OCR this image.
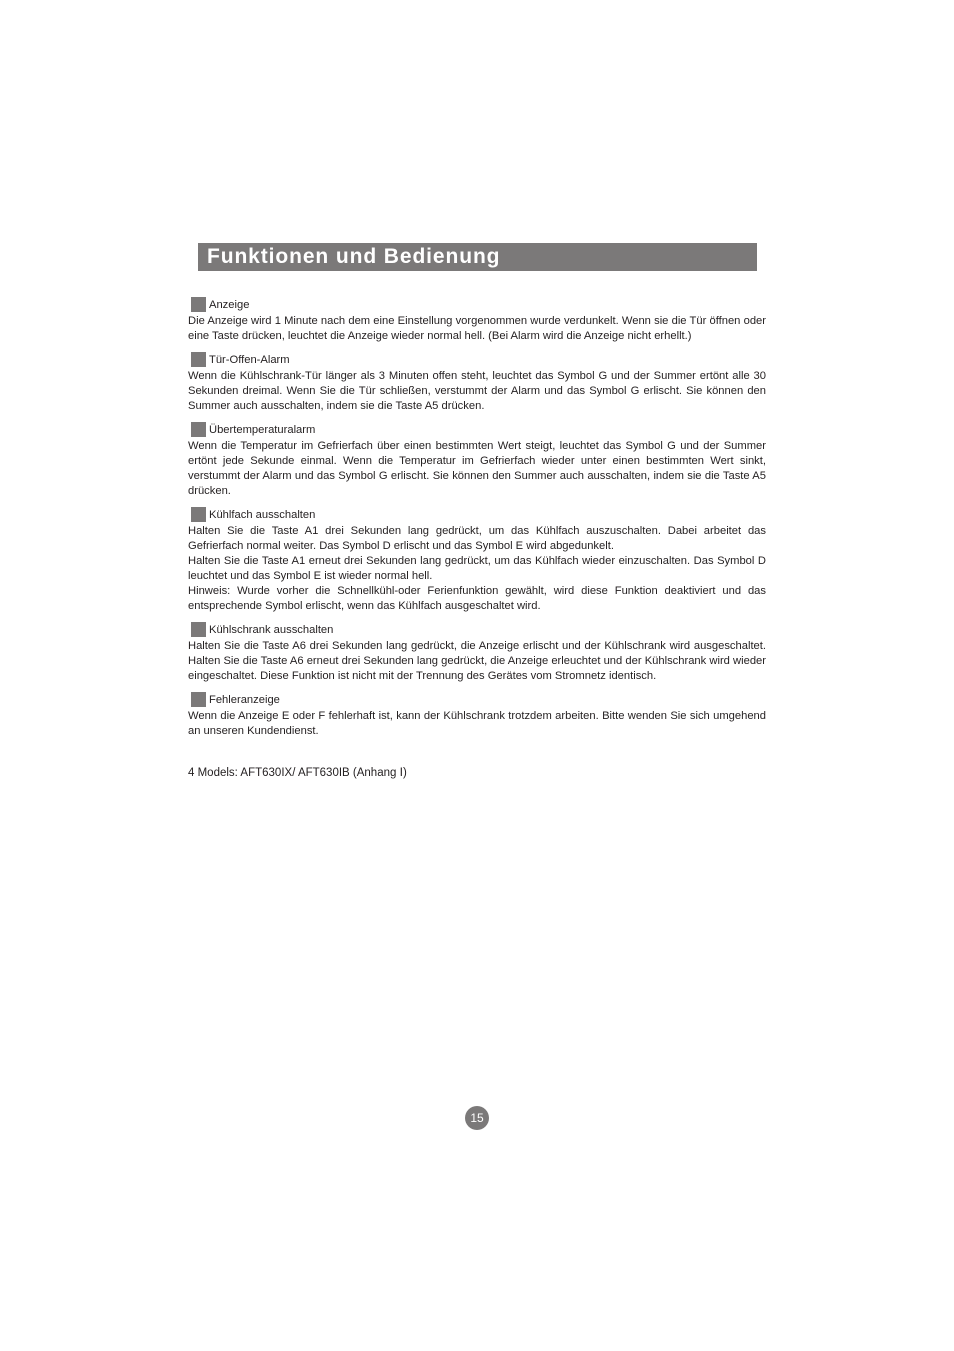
Funktionen und Bedienung
Anzeige

Die Anzeige wird 1 Minute nach dem eine Einstellung vorgenommen wurde verdunkelt. Wenn sie die Tür öffnen oder eine Taste drücken, leuchtet die Anzeige wieder normal hell. (Bei Alarm wird die Anzeige nicht erhellt.)

Tür-Offen-Alarm

Wenn die Kühlschrank-Tür länger als 3 Minuten offen steht, leuchtet das Symbol G und der Summer ertönt alle 30 Sekunden dreimal. Wenn Sie die Tür schließen, verstummt der Alarm und das Symbol G erlischt. Sie können den Summer auch ausschalten, indem sie die Taste A5 drücken.

Übertemperaturalarm

Wenn die Temperatur im Gefrierfach über einen bestimmten Wert steigt, leuchtet das Symbol G und der Summer ertönt jede Sekunde einmal. Wenn die Temperatur im Gefrierfach wieder unter einen bestimmten Wert sinkt, verstummt der Alarm und das Symbol G erlischt. Sie können den Summer auch ausschalten, indem sie die Taste A5 drücken.

Kühlfach ausschalten

Halten Sie die Taste A1 drei Sekunden lang gedrückt, um das Kühlfach auszuschalten. Dabei arbeitet das Gefrierfach normal weiter. Das Symbol D erlischt und das Symbol E wird abgedunkelt.

Halten Sie die Taste A1 erneut drei Sekunden lang gedrückt, um das Kühlfach wieder einzuschalten. Das Symbol D leuchtet und das Symbol E ist wieder normal hell.

Hinweis: Wurde vorher die Schnellkühl-oder Ferienfunktion gewählt, wird diese Funktion deaktiviert und das entsprechende Symbol erlischt, wenn das Kühlfach ausgeschaltet wird.

Kühlschrank ausschalten

Halten Sie die Taste A6 drei Sekunden lang gedrückt, die Anzeige erlischt und der Kühlschrank wird ausgeschaltet. Halten Sie die Taste A6 erneut drei Sekunden lang gedrückt, die Anzeige erleuchtet und der Kühlschrank wird wieder eingeschaltet. Diese Funktion ist nicht mit der Trennung des Gerätes vom Stromnetz identisch.

Fehleranzeige

Wenn die Anzeige E oder F fehlerhaft ist, kann der Kühlschrank trotzdem arbeiten. Bitte wenden Sie sich umgehend an unseren Kundendienst.

4 Models: AFT630IX/ AFT630IB (Anhang Ⅰ)
15
